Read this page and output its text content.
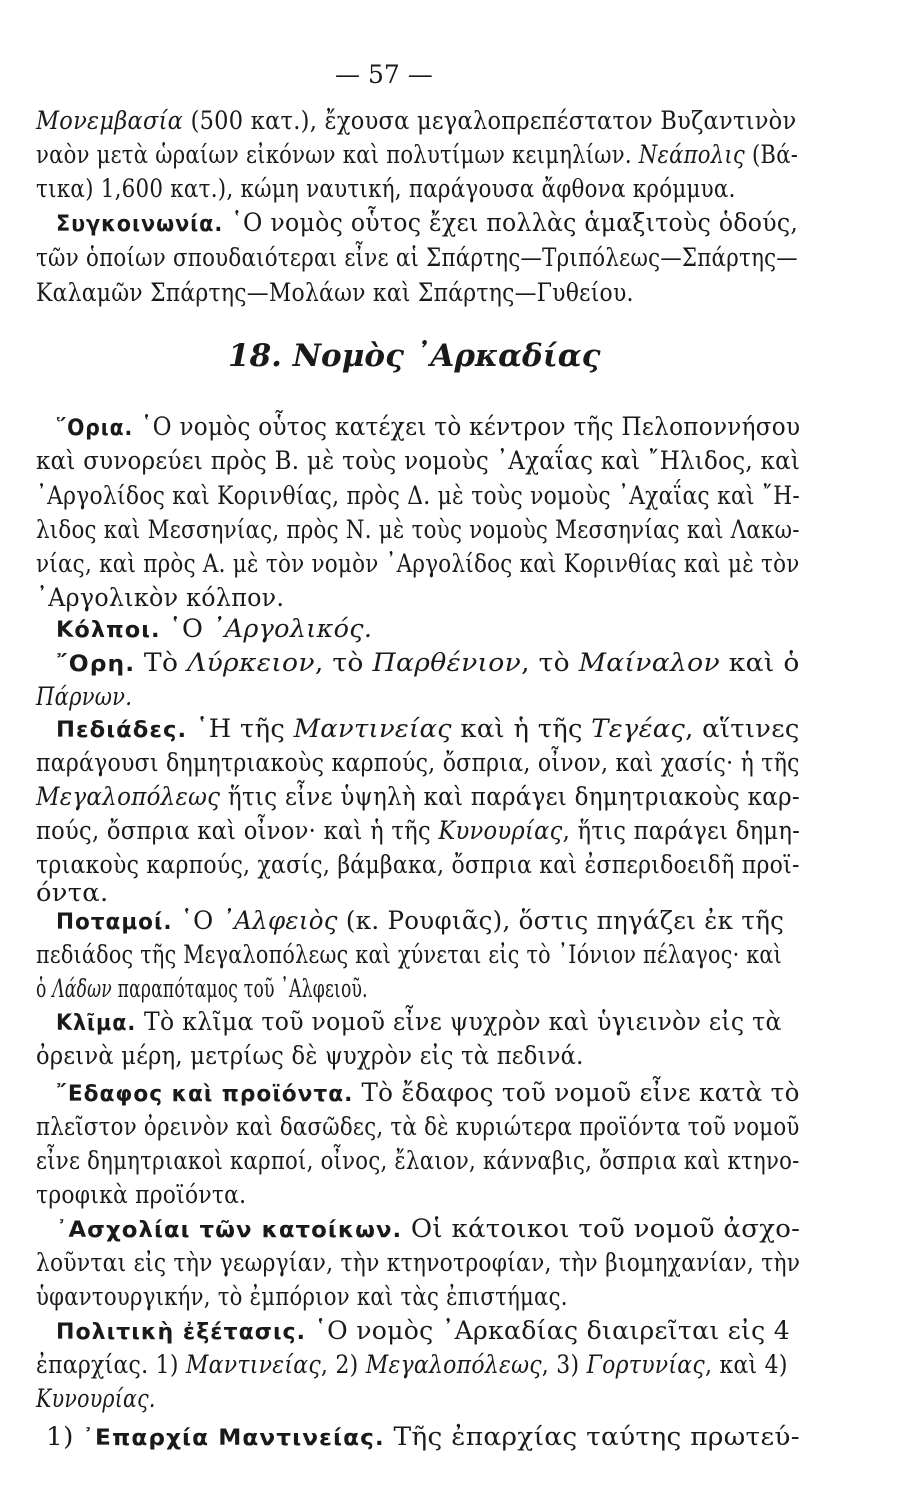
— 57 —
Μονεμβασία (500 κατ.), ἔχουσα μεγαλοπρεπέστατον Βυζαντινὸν
ναὸν μετὰ ὡραίων εἰκόνων καὶ πολυτίμων κειμηλίων. Νεάπολις (Βά-
τικα) 1,600 κατ.), κώμη ναυτική, παράγουσα ἄφθονα κρόμμυα.
Συγκοινωνία. ῾Ο νομὸς οὗτος ἔχει πολλὰς ἁμαξιτοὺς ὁδούς,
τῶν ὁποίων σπουδαιότεραι εἶνε αἱ Σπάρτης—Τριπόλεως—Σπάρτης—
Καλαμῶν Σπάρτης—Μολάων καὶ Σπάρτης—Γυθείου.
18. Νομὸς ᾿Αρκαδίας
῞Ορια. ῾Ο νομὸς οὗτος κατέχει τὸ κέντρον τῆς Πελοποννήσου
καὶ συνορεύει πρὸς Β. μὲ τοὺς νομοὺς ᾿Αχαΐας καὶ ῎Ηλιδος, καὶ
᾿Αργολίδος καὶ Κορινθίας, πρὸς Δ. μὲ τοὺς νομοὺς ᾿Αχαΐας καὶ ῎Η-
λιδος καὶ Μεσσηνίας, πρὸς Ν. μὲ τοὺς νομοὺς Μεσσηνίας καὶ Λακω-
νίας, καὶ πρὸς Α. μὲ τὸν νομὸν ᾿Αργολίδος καὶ Κορινθίας καὶ μὲ τὸν
᾿Αργολικὸν κόλπον.
Κόλποι. ῾Ο ᾿Αργολικός.
῎Ορη. Τὸ Λύρκειον, τὸ Παρθένιον, τὸ Μαίναλον καὶ ὁ
Πάρνων.
Πεδιάδες. ῾Η τῆς Μαντινείας καὶ ἡ τῆς Τεγέας, αἵτινες
παράγουσι δημητριακοὺς καρπούς, ὄσπρια, οἶνον, καὶ χασίς· ἡ τῆς
Μεγαλοπόλεως ἥτις εἶνε ὑψηλὴ καὶ παράγει δημητριακοὺς καρ-
πούς, ὄσπρια καὶ οἶνον· καὶ ἡ τῆς Κυνουρίας, ἥτις παράγει δημη-
τριακοὺς καρπούς, χασίς, βάμβακα, ὄσπρια καὶ ἐσπεριδοειδῆ προϊ-
όντα.
Ποταμοί. ῾Ο ᾿Αλφειὸς (κ. Ρουφιᾶς), ὅστις πηγάζει ἐκ τῆς
πεδιάδος τῆς Μεγαλοπόλεως καὶ χύνεται εἰς τὸ ᾿Ιόνιον πέλαγος· καὶ
ὁ Λάδων παραπόταμος τοῦ ᾿Αλφειοῦ.
Κλῖμα. Τὸ κλῖμα τοῦ νομοῦ εἶνε ψυχρὸν καὶ ὑγιεινὸν εἰς τὰ
ὀρεινὰ μέρη, μετρίως δὲ ψυχρὸν εἰς τὰ πεδινά.
῎Εδαφος καὶ προϊόντα. Τὸ ἔδαφος τοῦ νομοῦ εἶνε κατὰ τὸ
πλεῖστον ὀρεινὸν καὶ δασῶδες, τὰ δὲ κυριώτερα προϊόντα τοῦ νομοῦ
εἶνε δημητριακοὶ καρποί, οἶνος, ἔλαιον, κάνναβις, ὄσπρια καὶ κτηνο-
τροφικὰ προϊόντα.
᾿Ασχολίαι τῶν κατοίκων. Οἱ κάτοικοι τοῦ νομοῦ ἀσχο-
λοῦνται εἰς τὴν γεωργίαν, τὴν κτηνοτροφίαν, τὴν βιομηχανίαν, τὴν
ὑφαντουργικήν, τὸ ἐμπόριον καὶ τὰς ἐπιστήμας.
Πολιτικὴ ἐξέτασις. ῾Ο νομὸς ᾿Αρκαδίας διαιρεῖται εἰς 4
ἐπαρχίας. 1) Μαντινείας, 2) Μεγαλοπόλεως, 3) Γορτυνίας, καὶ 4)
Κυνουρίας.
1) ᾿Επαρχία Μαντινείας. Τῆς ἐπαρχίας ταύτης πρωτεύ-
